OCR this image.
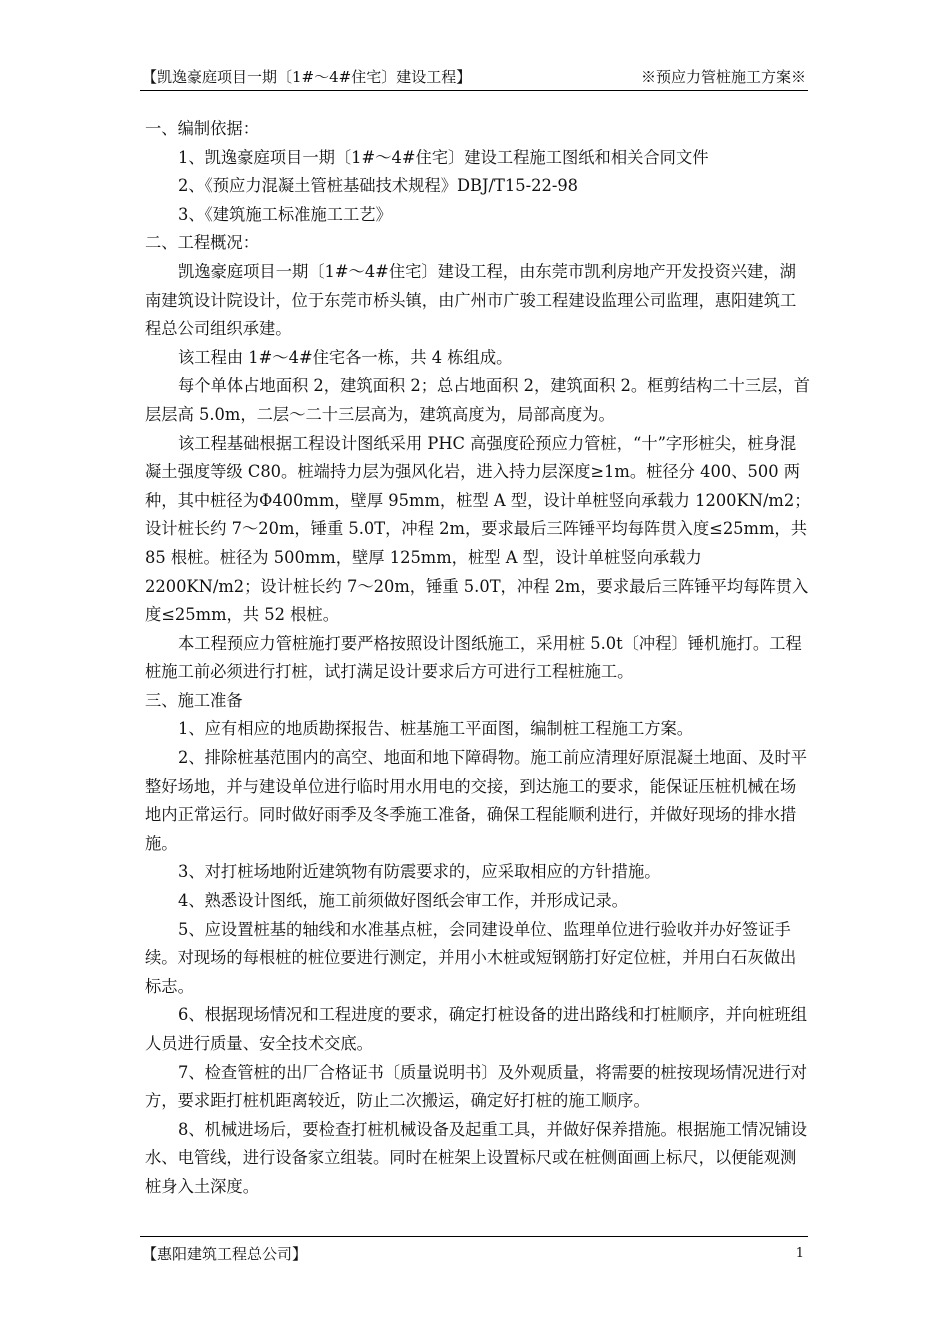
【凯逸豪庭项目一期〔1#～4#住宅〕建设工程】	※预应力管桩施工方案※

一、编制依据：

1、凯逸豪庭项目一期〔1#～4#住宅〕建设工程施工图纸和相关合同文件

2、《预应力混凝土管桩基础技术规程》DBJ/T15-22-98

3、《建筑施工标准施工工艺》

二、工程概况：

凯逸豪庭项目一期〔1#～4#住宅〕建设工程，由东莞市凯利房地产开发投资兴建，湖南建筑设计院设计，位于东莞市桥头镇，由广州市广骏工程建设监理公司监理，惠阳建筑工程总公司组织承建。

该工程由 1#～4#住宅各一栋，共 4 栋组成。

每个单体占地面积 2，建筑面积 2；总占地面积 2，建筑面积 2。框剪结构二十三层，首层层高 5.0m，二层～二十三层高为，建筑高度为，局部高度为。

该工程基础根据工程设计图纸采用 PHC 高强度砼预应力管桩，“十”字形桩尖，桩身混凝土强度等级 C80。桩端持力层为强风化岩，进入持力层深度≥1m。桩径分 400、500 两种，其中桩径为Φ400mm，壁厚 95mm，桩型 A 型，设计单桩竖向承载力 1200KN/m2；设计桩长约 7～20m，锤重 5.0T，冲程 2m，要求最后三阵锤平均每阵贯入度≤25mm，共 85 根桩。桩径为 500mm，壁厚 125mm，桩型 A 型，设计单桩竖向承载力 2200KN/m2；设计桩长约 7～20m，锤重 5.0T，冲程 2m，要求最后三阵锤平均每阵贯入度≤25mm，共 52 根桩。

本工程预应力管桩施打要严格按照设计图纸施工，采用桩 5.0t〔冲程〕锤机施打。工程桩施工前必须进行打桩，试打满足设计要求后方可进行工程桩施工。

三、施工准备

1、应有相应的地质勘探报告、桩基施工平面图，编制桩工程施工方案。

2、排除桩基范围内的高空、地面和地下障碍物。施工前应清理好原混凝土地面、及时平整好场地，并与建设单位进行临时用水用电的交接，到达施工的要求，能保证压桩机械在场地内正常运行。同时做好雨季及冬季施工准备，确保工程能顺利进行，并做好现场的排水措施。

3、对打桩场地附近建筑物有防震要求的，应采取相应的方针措施。

4、熟悉设计图纸，施工前须做好图纸会审工作，并形成记录。

5、应设置桩基的轴线和水准基点桩，会同建设单位、监理单位进行验收并办好签证手续。对现场的每根桩的桩位要进行测定，并用小木桩或短钢筋打好定位桩，并用白石灰做出标志。

6、根据现场情况和工程进度的要求，确定打桩设备的进出路线和打桩顺序，并向桩班组人员进行质量、安全技术交底。

7、检查管桩的出厂合格证书〔质量说明书〕及外观质量，将需要的桩按现场情况进行对方，要求距打桩机距离较近，防止二次搬运，确定好打桩的施工顺序。

8、机械进场后，要检查打桩机械设备及起重工具，并做好保养措施。根据施工情况铺设水、电管线，进行设备家立组装。同时在桩架上设置标尺或在桩侧面画上标尺，以便能观测桩身入土深度。

【惠阳建筑工程总公司】	1
